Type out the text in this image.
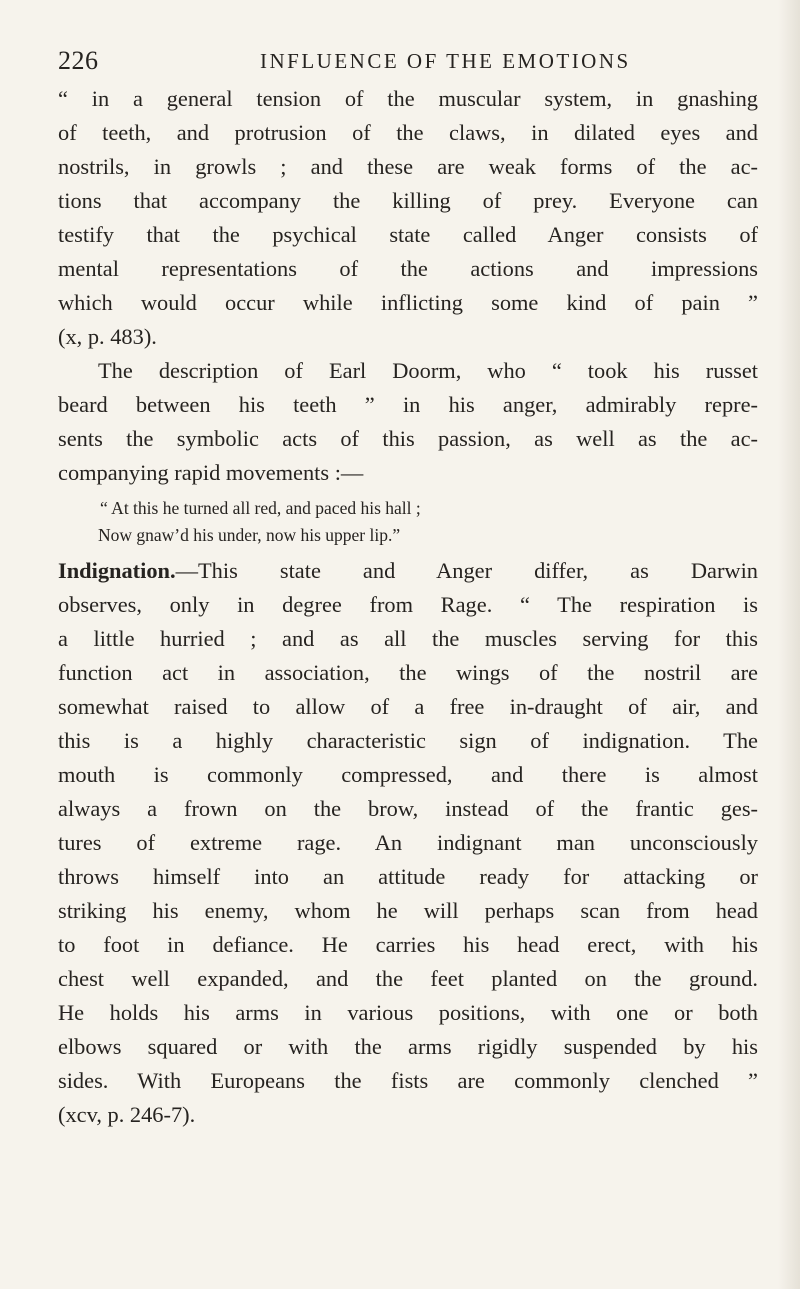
226	INFLUENCE OF THE EMOTIONS
“ in a general tension of the muscular system, in gnashing
of teeth, and protrusion of the claws, in dilated eyes and
nostrils, in growls ; and these are weak forms of the ac-
tions that accompany the killing of prey. Everyone can
testify that the psychical state called Anger consists of
mental representations of the actions and impressions
which would occur while inflicting some kind of pain ”
(x, p. 483).
The description of Earl Doorm, who “ took his russet
beard between his teeth ” in his anger, admirably repre-
sents the symbolic acts of this passion, as well as the ac-
companying rapid movements :—
“ At this he turned all red, and paced his hall ;
Now gnaw’d his under, now his upper lip.”
Indignation.—This state and Anger differ, as Darwin
observes, only in degree from Rage. “ The respiration is
a little hurried ; and as all the muscles serving for this
function act in association, the wings of the nostril are
somewhat raised to allow of a free in-draught of air, and
this is a highly characteristic sign of indignation. The
mouth is commonly compressed, and there is almost
always a frown on the brow, instead of the frantic ges-
tures of extreme rage. An indignant man unconsciously
throws himself into an attitude ready for attacking or
striking his enemy, whom he will perhaps scan from head
to foot in defiance. He carries his head erect, with his
chest well expanded, and the feet planted on the ground.
He holds his arms in various positions, with one or both
elbows squared or with the arms rigidly suspended by his
sides. With Europeans the fists are commonly clenched ”
(xcv, p. 246-7).
